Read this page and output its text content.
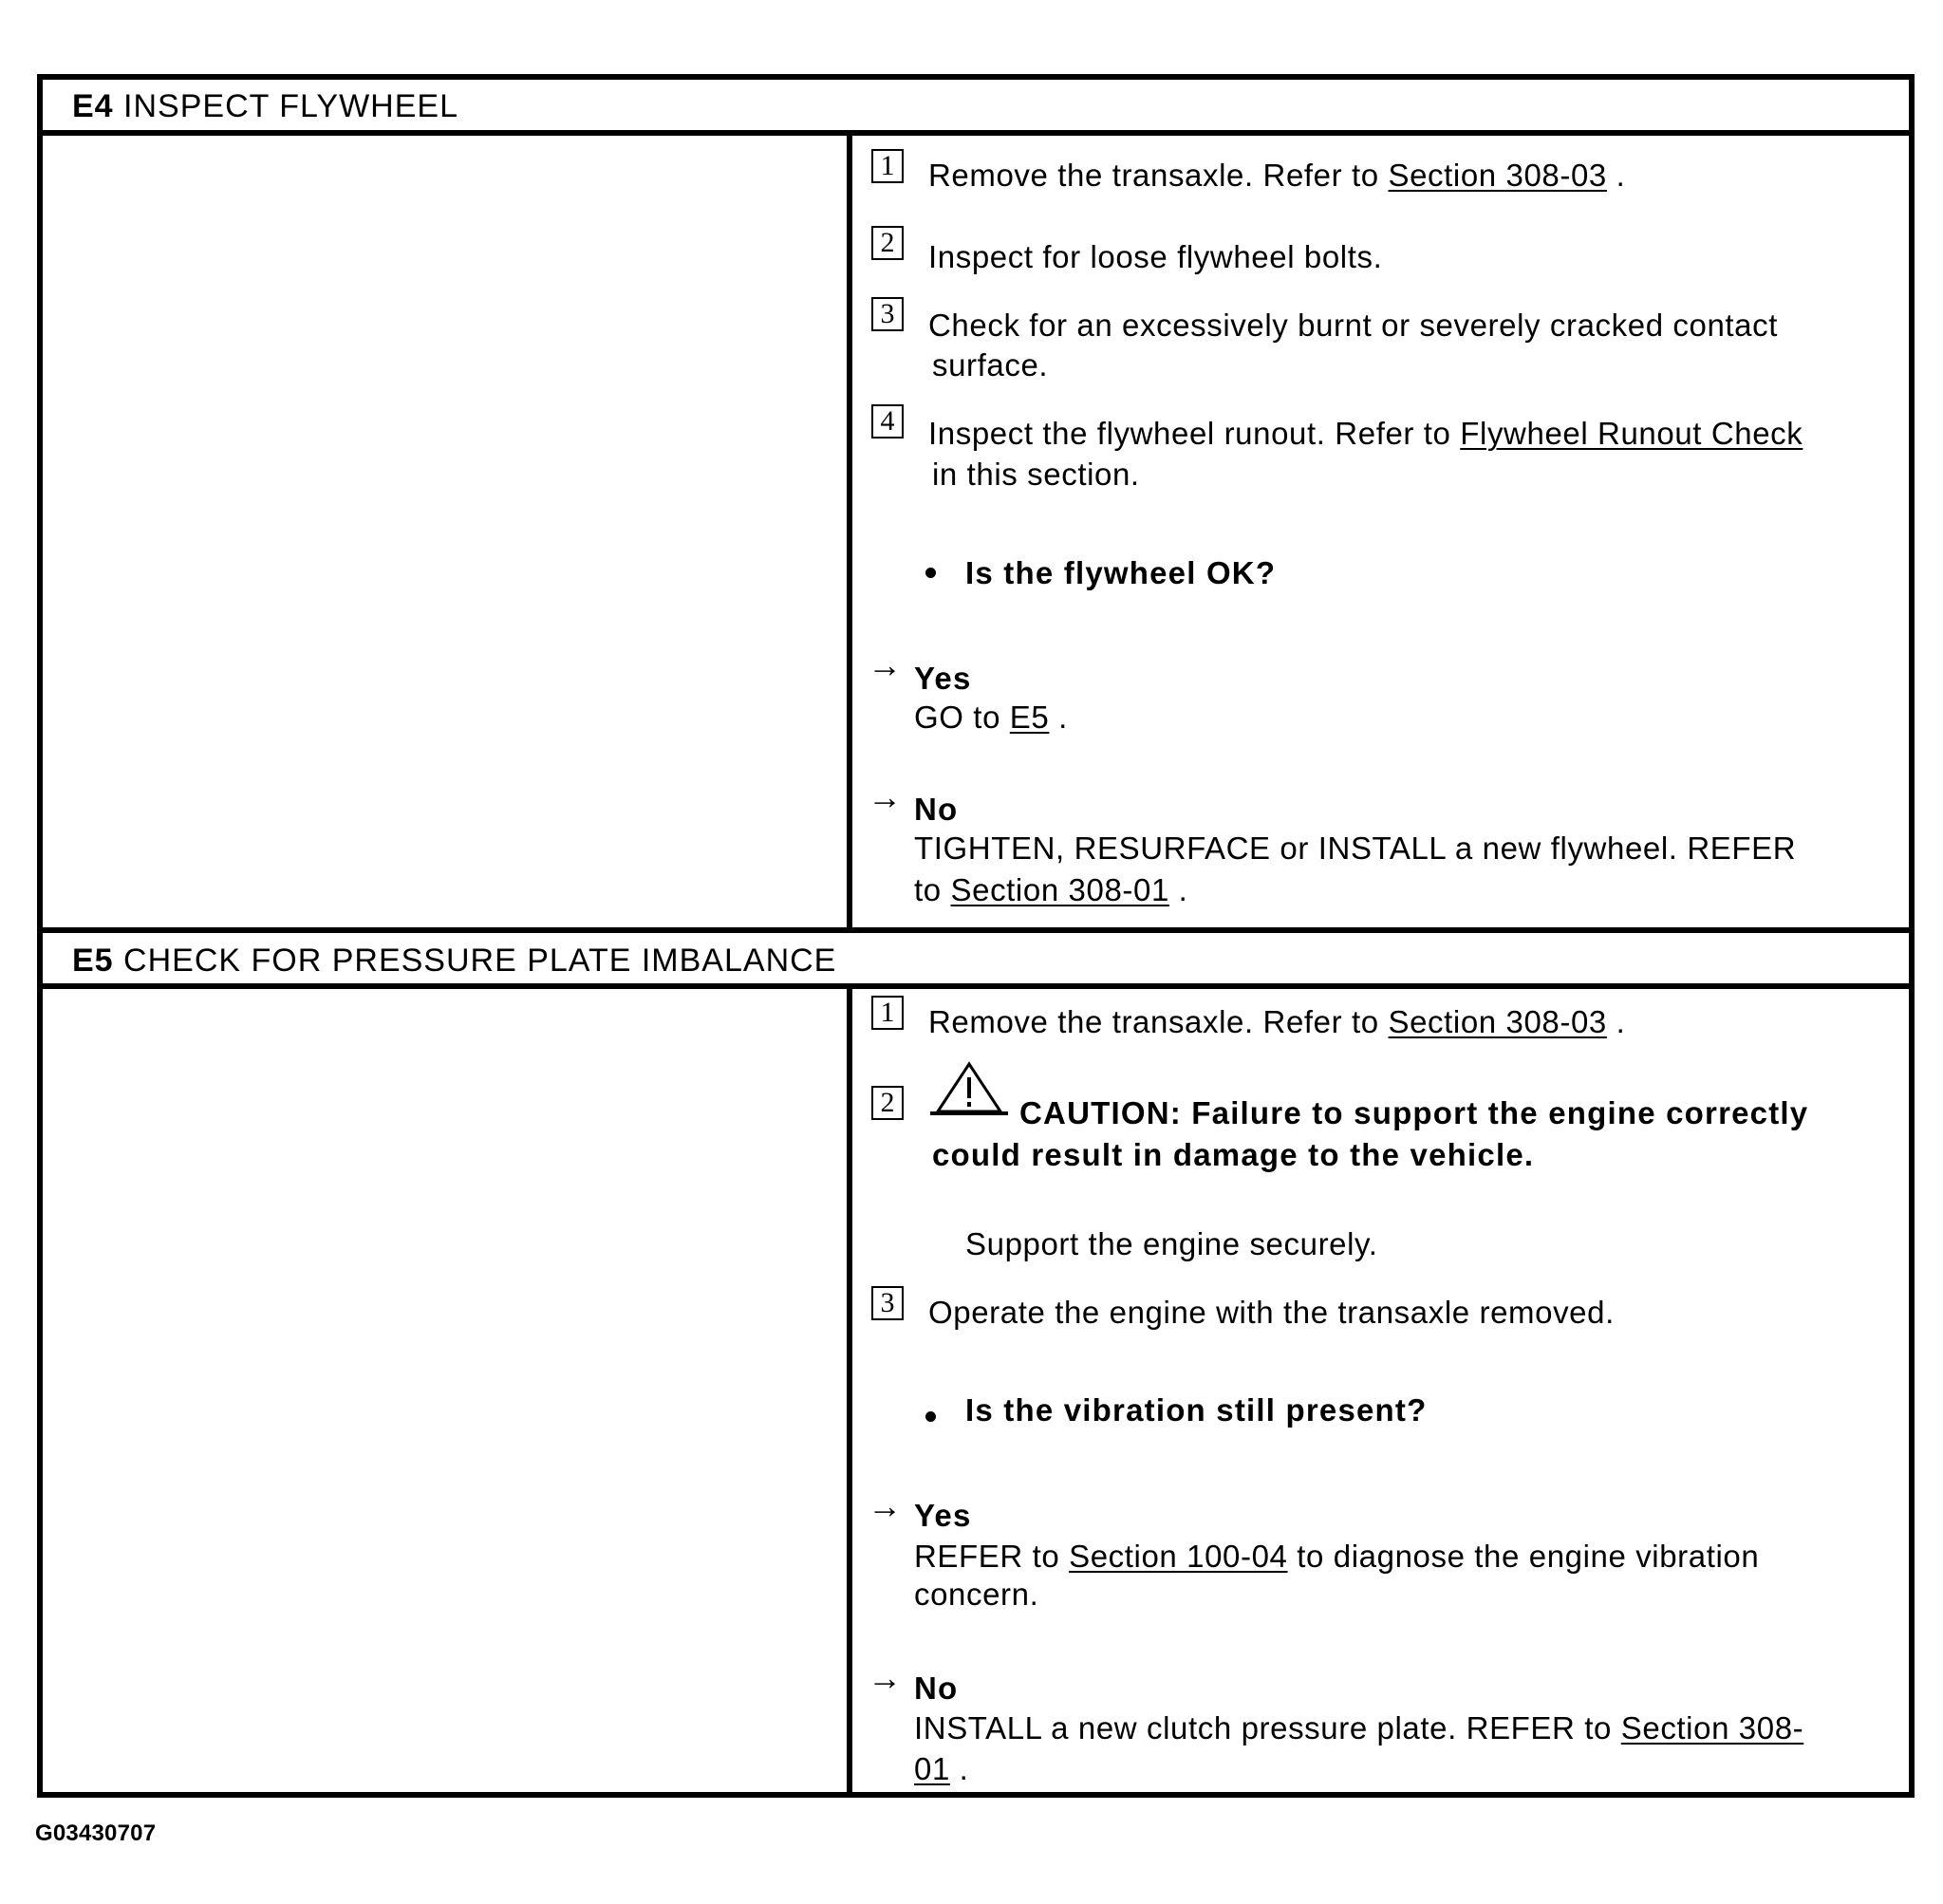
E4 INSPECT FLYWHEEL
E5 CHECK FOR PRESSURE PLATE IMBALANCE
1 Remove the transaxle. Refer to Section 308-03 .
2 Inspect for loose flywheel bolts.
3 Check for an excessively burnt or severely cracked contact
surface.
4 Inspect the flywheel runout. Refer to Flywheel Runout Check
in this section.
Is the flywheel OK?
→ Yes
GO to E5 .
→ No
TIGHTEN, RESURFACE or INSTALL a new flywheel. REFER
to Section 308-01 .
1 Remove the transaxle. Refer to Section 308-03 .
2	CAUTION: Failure to support the engine correctly
could result in damage to the vehicle.
Support the engine securely.
3 Operate the engine with the transaxle removed.
Is the vibration still present?
→ Yes
REFER to Section 100-04 to diagnose the engine vibration
concern.
→ No
INSTALL a new clutch pressure plate. REFER to Section 308-
01 .
G03430707
